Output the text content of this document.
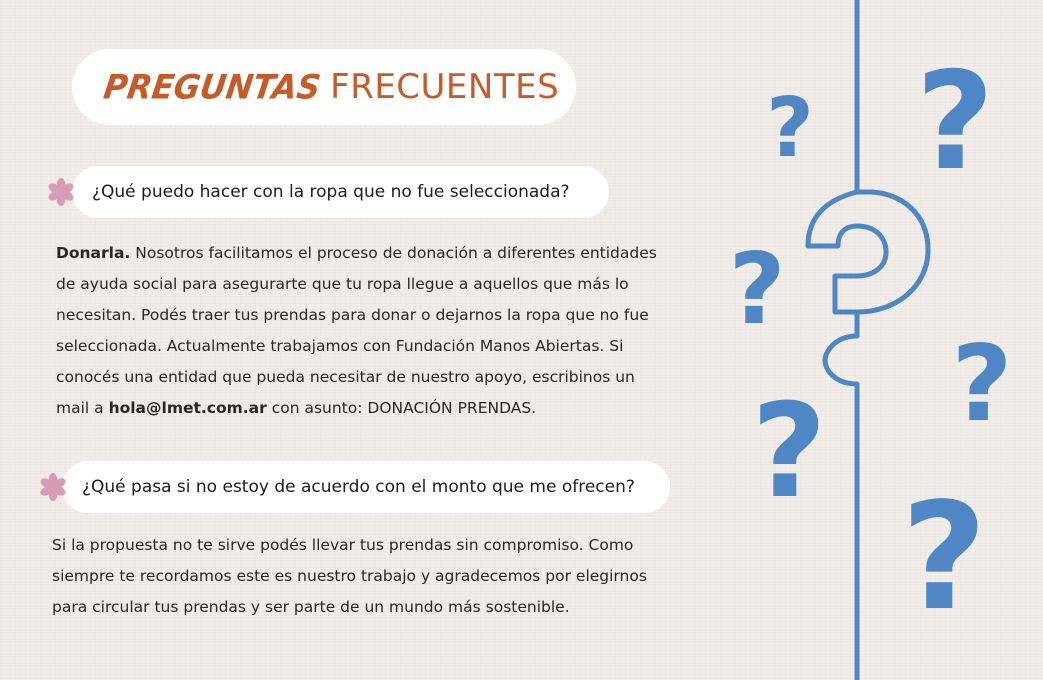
PREGUNTAS FRECUENTES
¿Qué puedo hacer con la ropa que no fue seleccionada?
Donarla. Nosotros facilitamos el proceso de donación a diferentes entidades
de ayuda social para asegurarte que tu ropa llegue a aquellos que más lo
necesitan. Podés traer tus prendas para donar o dejarnos la ropa que no fue
seleccionada. Actualmente trabajamos con Fundación Manos Abiertas. Si
conocés una entidad que pueda necesitar de nuestro apoyo, escribinos un
mail a hola@lmet.com.ar con asunto: DONACIÓN PRENDAS.
¿Qué pasa si no estoy de acuerdo con el monto que me ofrecen?
Si la propuesta no te sirve podés llevar tus prendas sin compromiso. Como
siempre te recordamos este es nuestro trabajo y agradecemos por elegirnos
para circular tus prendas y ser parte de un mundo más sostenible.
?
?
?
?
?
?
